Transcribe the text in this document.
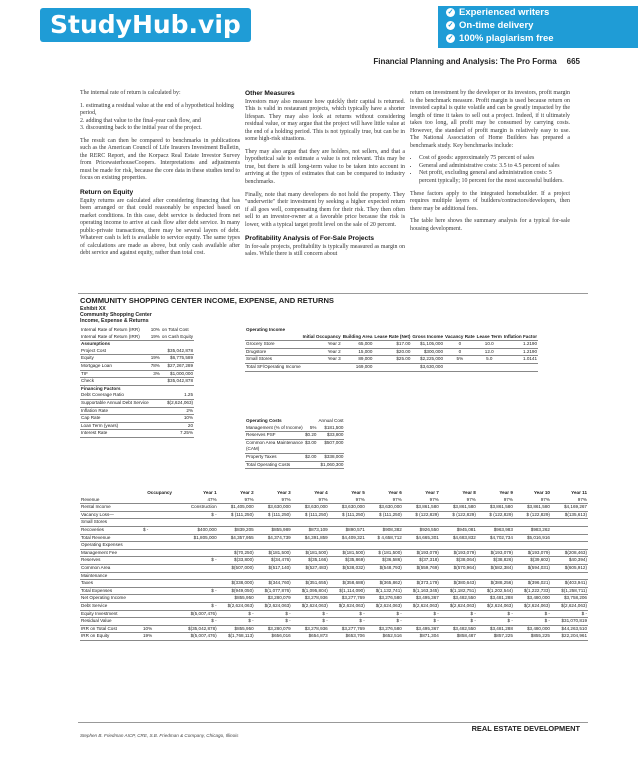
StudyHub.vip	✓ Experienced writers
✓ On-time delivery
✓ 100% plagiarism free
Financial Planning and Analysis: The Pro Forma 665

The internal rate of return is calculated by:

1. estimating a residual value at the end of a hypothetical holding period,
2. adding that value to the final-year cash flow, and
3. discounting back to the initial year of the project.

The result can then be compared to benchmarks in publications such as the American Council of Life Insurers Investment Bulletin, the RERC Report, and the Korpacz Real Estate Investor Survey from PricewaterhouseCoopers. Interpretations and adjustments must be made for risk, because the core data in these studies tend to focus on existing properties.

Return on Equity

Equity returns are calculated after considering financing that has been arranged or that could reasonably be expected based on market conditions. In this case, debt service is deducted from net operating income to arrive at cash flow after debt service. In many public-private transactions, there may be several layers of debt. Whatever cash is left is available to service equity. The same types of calculations are made as above, but only cash available after debt service and against equity, rather than total cost.

Other Measures

Investors may also measure how quickly their capital is returned. This is valid in restaurant projects, which typically have a shorter lifespan. They may also look at returns without considering residual value, or may argue that the project will have little value at the end of a holding period. This is not typically true, but can be in some high-risk situations.

They may also argue that they are holders, not sellers, and that a hypothetical sale to estimate a value is not relevant. This may be true, but there is still long-term value to be taken into account in arriving at the types of estimates that can be compared to industry benchmarks.

Finally, note that many developers do not hold the property. They "underwrite" their investment by seeking a higher expected return if all goes well, compensating them for their risk. They then often sell to an investor-owner at a favorable price because the risk is lower, with a typical target profit level on the sale of 20 percent.

Profitability Analysis of For-Sale Projects

In for-sale projects, profitability is typically measured as margin on sales. While there is still concern about

return on investment by the developer or its investors, profit margin is the benchmark measure. Profit margin is used because return on invested capital is quite volatile and can be greatly impacted by the length of time it takes to sell out a project. Indeed, if it ultimately takes too long, all profit may be consumed by carrying costs. However, the standard of profit margin is relatively easy to use. The National Association of Home Builders has prepared a benchmark study. Key benchmarks include:

• Cost of goods: approximately 75 percent of sales
• General and administrative costs: 3.5 to 4.5 percent of sales
• Net profit, excluding general and administration costs: 5 percent typically; 10 percent for the most successful builders.

These factors apply to the integrated homebuilder. If a project requires multiple layers of builders/contractors/developers, then there may be additional fees.

The table here shows the summary analysis for a typical for-sale housing development.

COMMUNITY SHOPPING CENTER INCOME, EXPENSE, AND RETURNS
Exhibit XX
Community Shopping Center
Income, Expense & Returns
Internal Rate of Return (IRR)	10%	on Total Cost
Internal Rate of Return (IRR)	19%	on Cash Equity
Assumptions		
Project Cost		$35,042,878
Equity	19%	$6,775,589
Mortgage Loan	78%	$27,267,289
TIF	3%	$1,000,000
Check		$35,042,878
Financing Factors		
Debt Coverage Ratio		1.25
Supportable Annual Debt Service		$(2,624,063)
Inflation Rate		2%
Cap Rate		10%
Loan Term (years)		20
Interest Rate		7.25%
Operating Income							
	Initial Occupancy	Building Area	Lease Rate (Net)	Gross Income	Vacancy Rate	Lease Term	Inflation Factor
Grocery Store	Year 2	65,000	$17.00	$1,105,000	0	10.0	1.2190
Drugstore	Year 2	15,000	$20.00	$300,000	0	12.0	1.2190
Small Stores	Year 3	89,000	$25.00	$2,225,000	5%	5.0	1.0141
Total SF/Operating Income		169,000		$3,630,000			
Operating Costs		Annual Cost
Management (% of Income)	5%	$181,500
Reserves PSF	$0.20	$33,800
Common Area Maintenance	$3.00	$507,000
(CAM)		
Property Taxes	$2.00	$338,000
Total Operating Costs		$1,060,300
	Occupancy	Year 1	Year 2	Year 3	Year 4	Year 5	Year 6	Year 7	Year 8	Year 9	Year 10	Year 11
Revenue		47%	97%	97%	97%	97%	97%	97%	97%	97%	97%	97%
Rental Income		Construction	$1,405,000	$3,630,000	$3,630,000	$3,630,000	$3,630,000	$3,861,580	$3,861,580	$3,861,580	$3,861,580	$4,169,267
Vacancy Loss—		$ -	$ (111,250)	$ (111,250)	$ (111,250)	$ (111,250)	$ (111,250)	$ (122,829)	$ (122,829)	$ (122,829)	$ (122,829)	$(135,613)
Small Stores												
Recoveries	$ -	$400,000	$839,205	$855,989	$873,109	$890,571	$908,382	$926,550	$945,081	$963,983	$983,262	
Total Revenue		$1,805,000	$4,357,955	$4,374,739	$4,391,859	$4,409,321	$ 4,658,712	$4,665,301	$4,683,832	$4,702,734	$5,016,916	
Operating Expenses												
Management Fee			$(70,250)	$(181,500)	$(181,500)	$(181,500)	$ (181,500)	$(193,079)	$(193,079)	$(193,079)	$(193,079)	$(208,463)
Reserves		$ -	$(33,800)	$(34,476)	$(35,166)	$(35,869)	$(36,586)	$(37,318)	$(38,064)	$(38,826)	$(39,602)	$40,394)
Common Area			$(507,000)	$(517,140)	$(527,483)	$(538,032)	$(548,793)	$(559,769)	$(570,964)	$(582,384)	$(594,031)	$(605,912)
Maintenance												
Taxes			$(338,000)	$(344,760)	$(351,655)	$(358,688)	$(365,862)	$(373,179)	$(380,643)	$(388,256)	$(396,021)	$(403,941)
Total Expenses		$ -	$(949,050)	$(1,077,876)	$(1,095,804)	$(1,114,090)	$(1,132,741)	$(1,163,345)	$(1,182,751)	$(1,202,544)	$(1,222,733)	$(1,258,711)
Net Operating Income			$855,950	$3,280,079	$3,278,936	$3,277,769	$3,276,580	$3,495,367	$3,482,550	$3,481,288	$3,480,000	$3,758,206
Debt Service		$ -	$(2,624,063)	$(2,624,063)	$(2,624,063)	$(2,624,063)	$(2,624,063)	$(2,624,063)	$(2,624,063)	$(2,624,063)	$(2,624,063)	$(2,624,063)
Equity Investment		$(5,007,476)	$ -	$ -	$ -	$ -	$ -	$ -	$ -	$ -	$ -	$ -
Residual Value		$ -	$ -	$ -	$ -	$ -	$ -	$ -	$ -	$ -	$ -	$31,070,819
IRR on Total Cost	10%	$(35,042,878)	$855,950	$3,280,079	$3,278,936	$3,277,769	$3,276,580	$3,495,367	$3,482,550	$3,481,288	$3,480,000	$44,263,510
IRR on Equity	19%	$(5,007,476)	$(1,768,113)	$656,016	$654,873	$653,706	$652,516	$871,304	$858,487	$857,225	$855,225	$22,204,961
Stephen B. Friedman AICP, CRE, S.B. Friedman & Company, Chicago, Illinois
REAL ESTATE DEVELOPMENT
